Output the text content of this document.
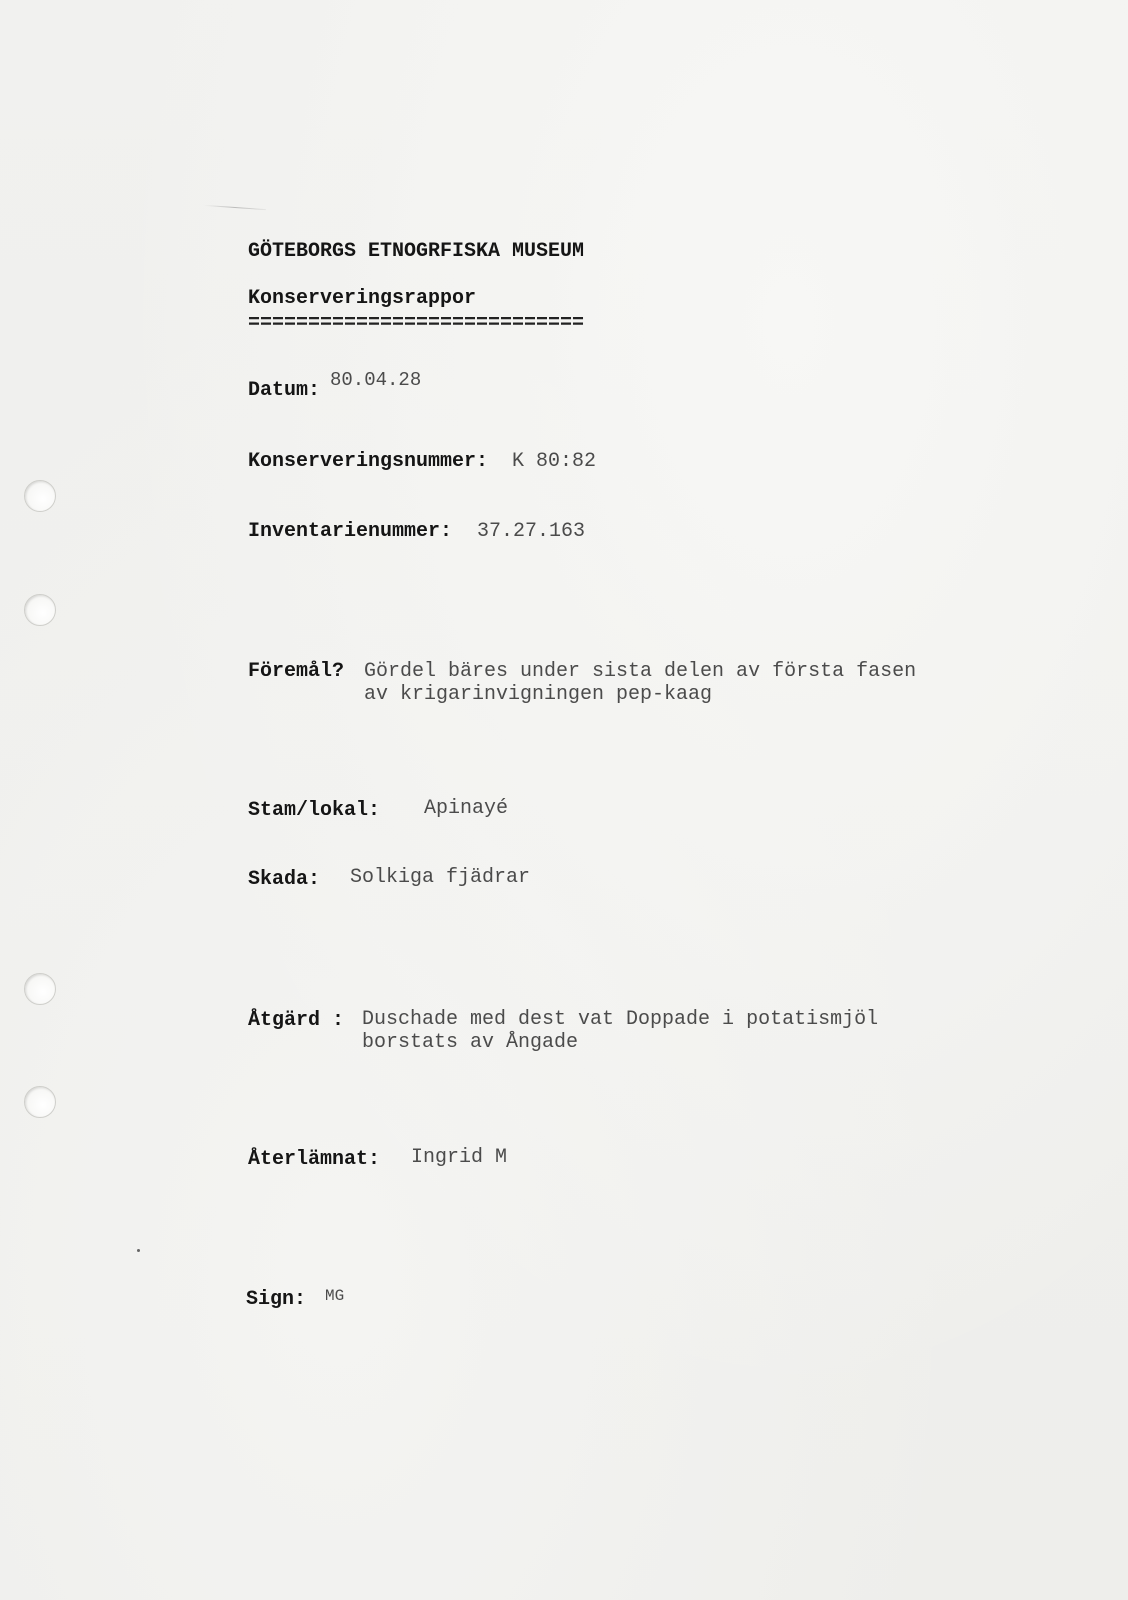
GÖTEBORGS ETNOGRFISKA MUSEUM
Konserveringsrappor
============================
Datum: 80.04.28
Konserveringsnummer: K 80:82
Inventarienummer: 37.27.163
Föremål? Gördel bäres under sista delen av första fasen
av krigarinvigningen pep-kaag
Stam/lokal: Apinayé
Skada: Solkiga fjädrar
Åtgärd : Duschade med dest vat Doppade i potatismjöl
borstats av Ångade
Återlämnat: Ingrid M
Sign: MG
